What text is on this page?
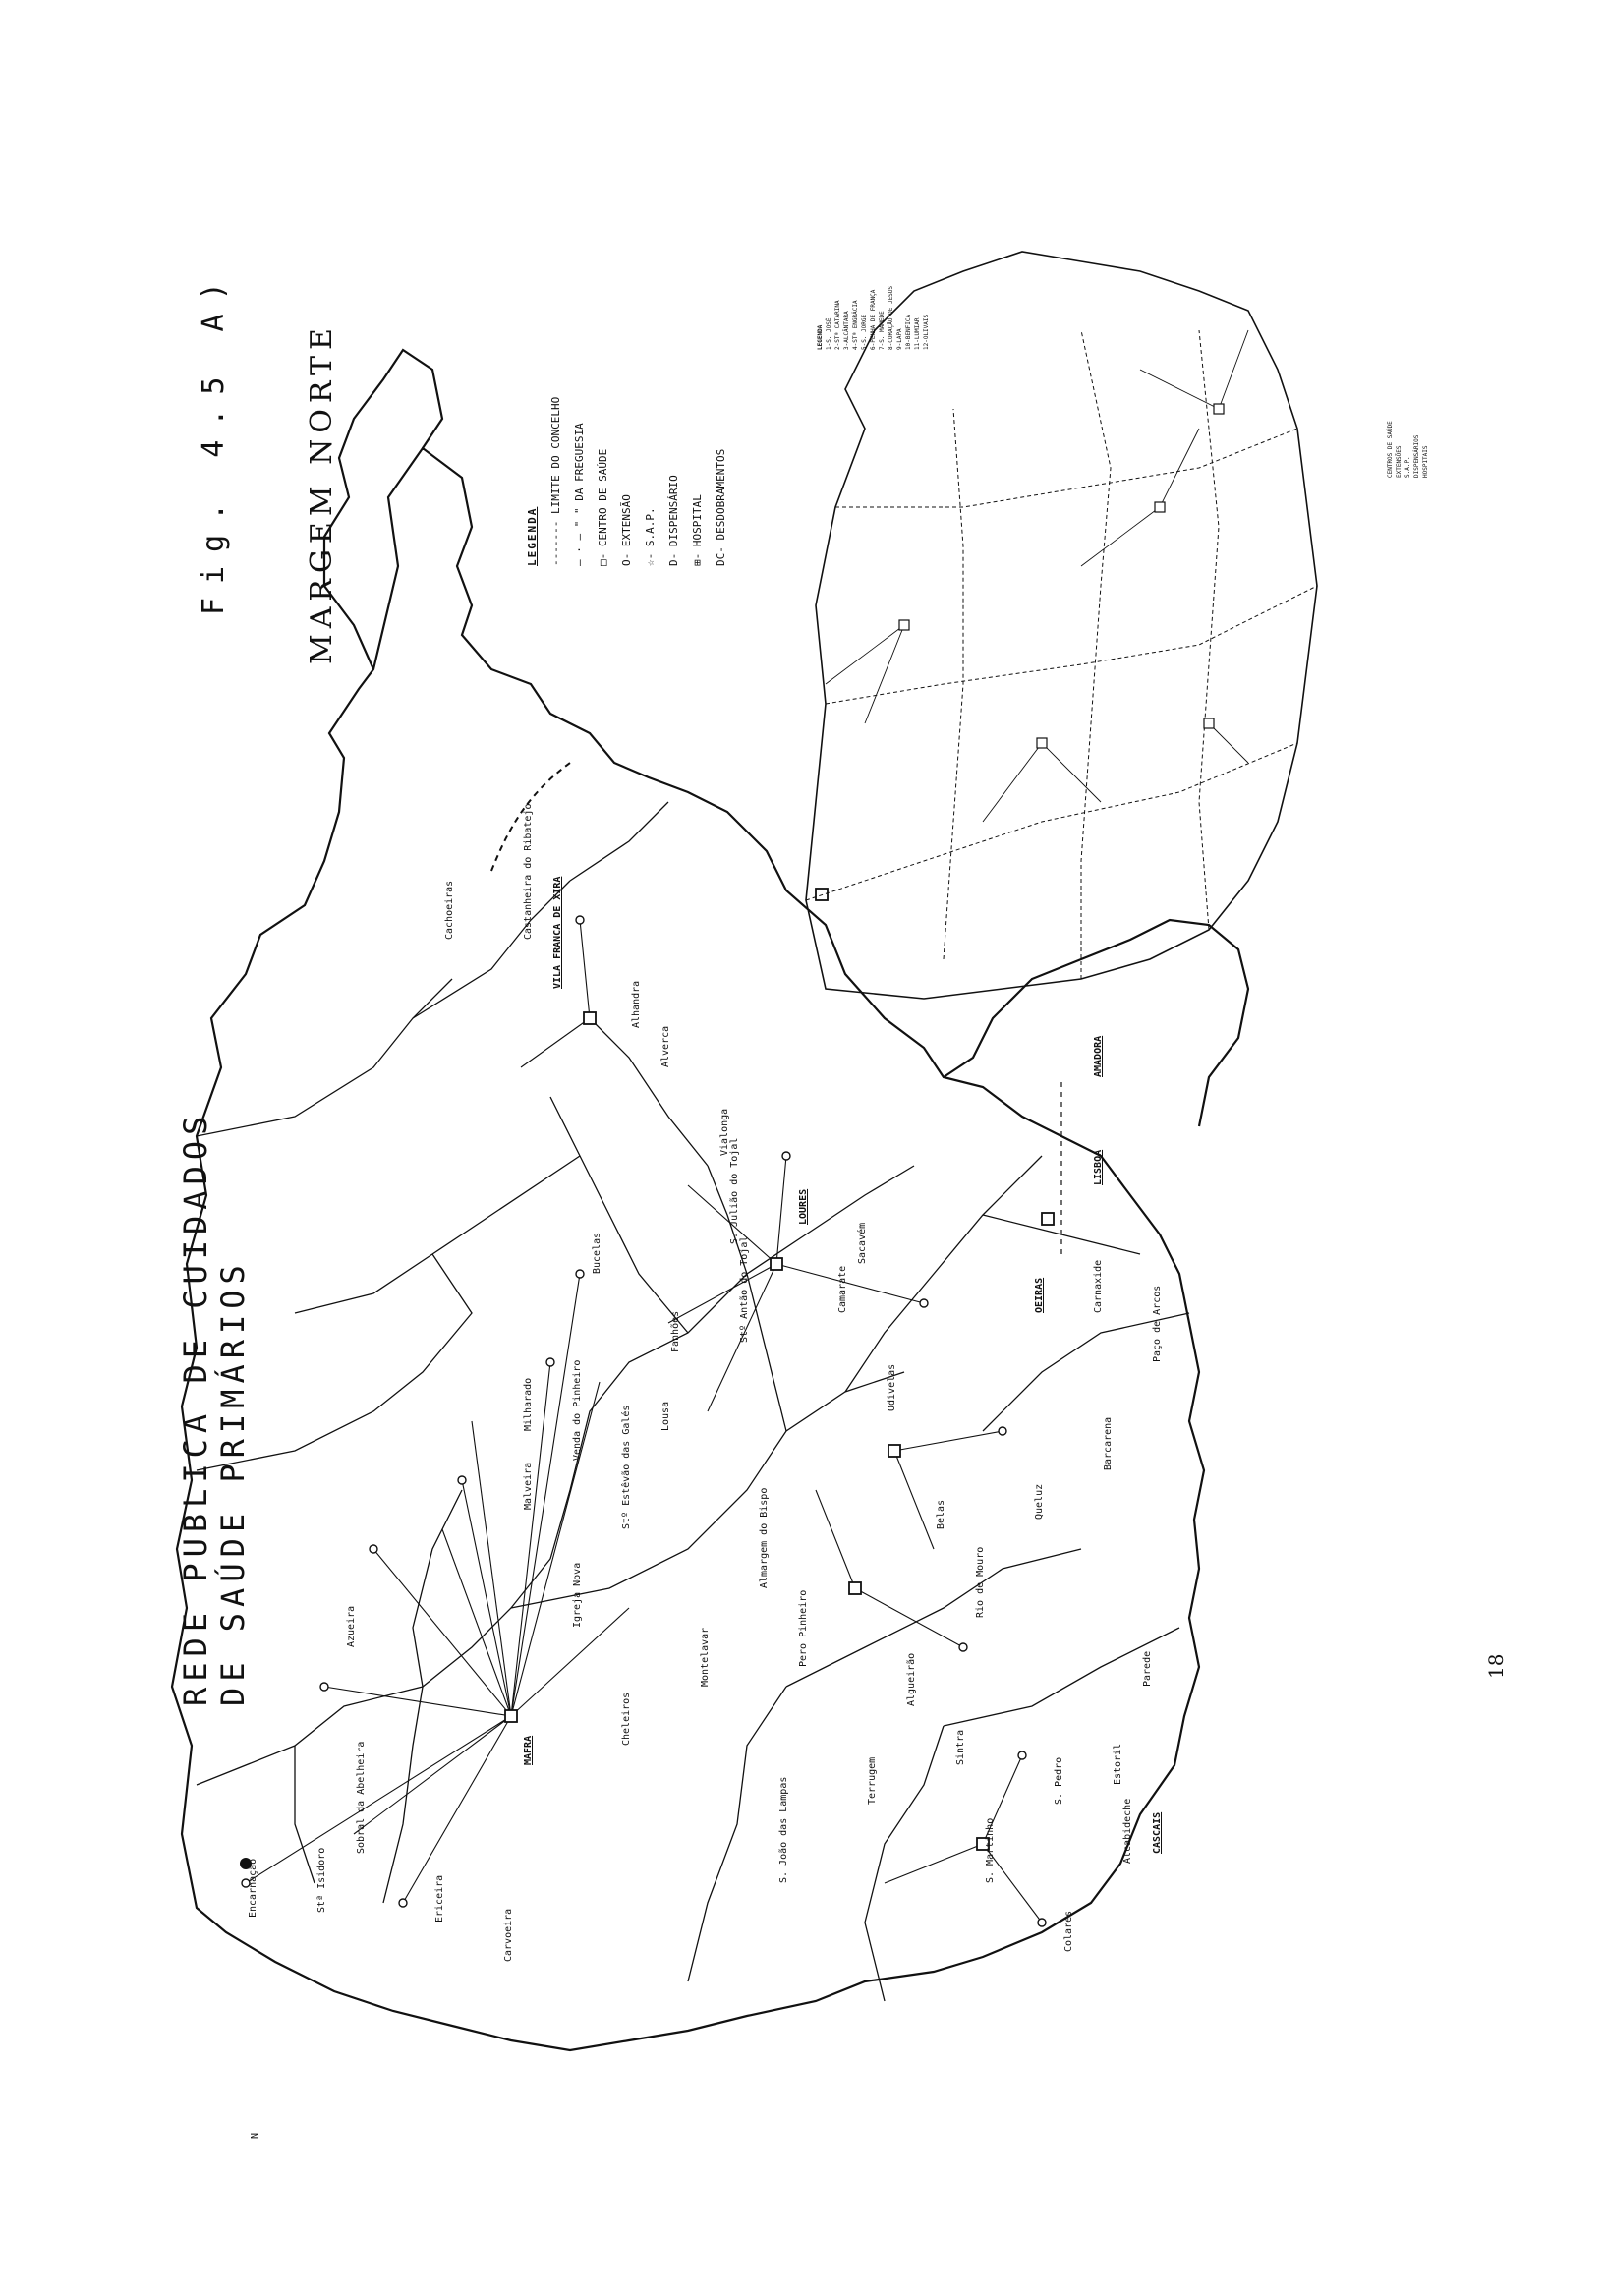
REDE PUBLICA DE CUIDADOS DE SAÚDE PRIMÁRIOS
Fig. 4.5 A)	MARGEM NORTE
18
LEGENDA	------- LIMITE DO CONCELHO
— · — " " DA FREGUESIA
□- CENTRO DE SAÚDE
O- EXTENSÃO
☆- S.A.P.
D- DISPENSÁRIO
⊞- HOSPITAL
DC- DESDOBRAMENTOS
Encarnação
Sobral da Abelheira
Azueira
Ericeira
Stª Isidoro
Carvoeira
Igreja Nova
Malveira
Cheleiros
Milharado	Venda do Pinheiro	Stº Estêvão das Galés
Bucelas
Fanhões
Lousa
S. Julião do Tojal
Stº Antão do Tojal
Vialonga
Alverca
Castanheira do Ribatejo
Cachoeiras
Alhandra
Sacavém
Camarate
Odivelas
Almargem do Bispo	Belas	Queluz
Sintra
Colares
Terrugem
S. João das Lampas	S. Martinho
S. Pedro
Algueirão
Rio de Mouro
Barcarena
Paço de Arcos
Carnaxide
Estoril
Alcabideche
Parede
Montelavar	Pero Pinheiro
MAFRA
LOURES
VILA FRANCA DE XIRA
CASCAIS
OEIRAS
LISBOA
AMADORA
N
LEGENDA 1-S. JOSÉ 2-STª CATARINA 3-ALCÂNTARA 4-STª ENGRÁCIA 5-S. JORGE 6-PENHA DE FRANÇA 7-S. MAMEDE 8-CORAÇÃO DE JESUS 9-LAPA 10-BENFICA 11-LUMIAR 12-OLIVAIS
CENTROS DE SAÚDE EXTENSÕES S.A.P. DISPENSÁRIOS HOSPITAIS
